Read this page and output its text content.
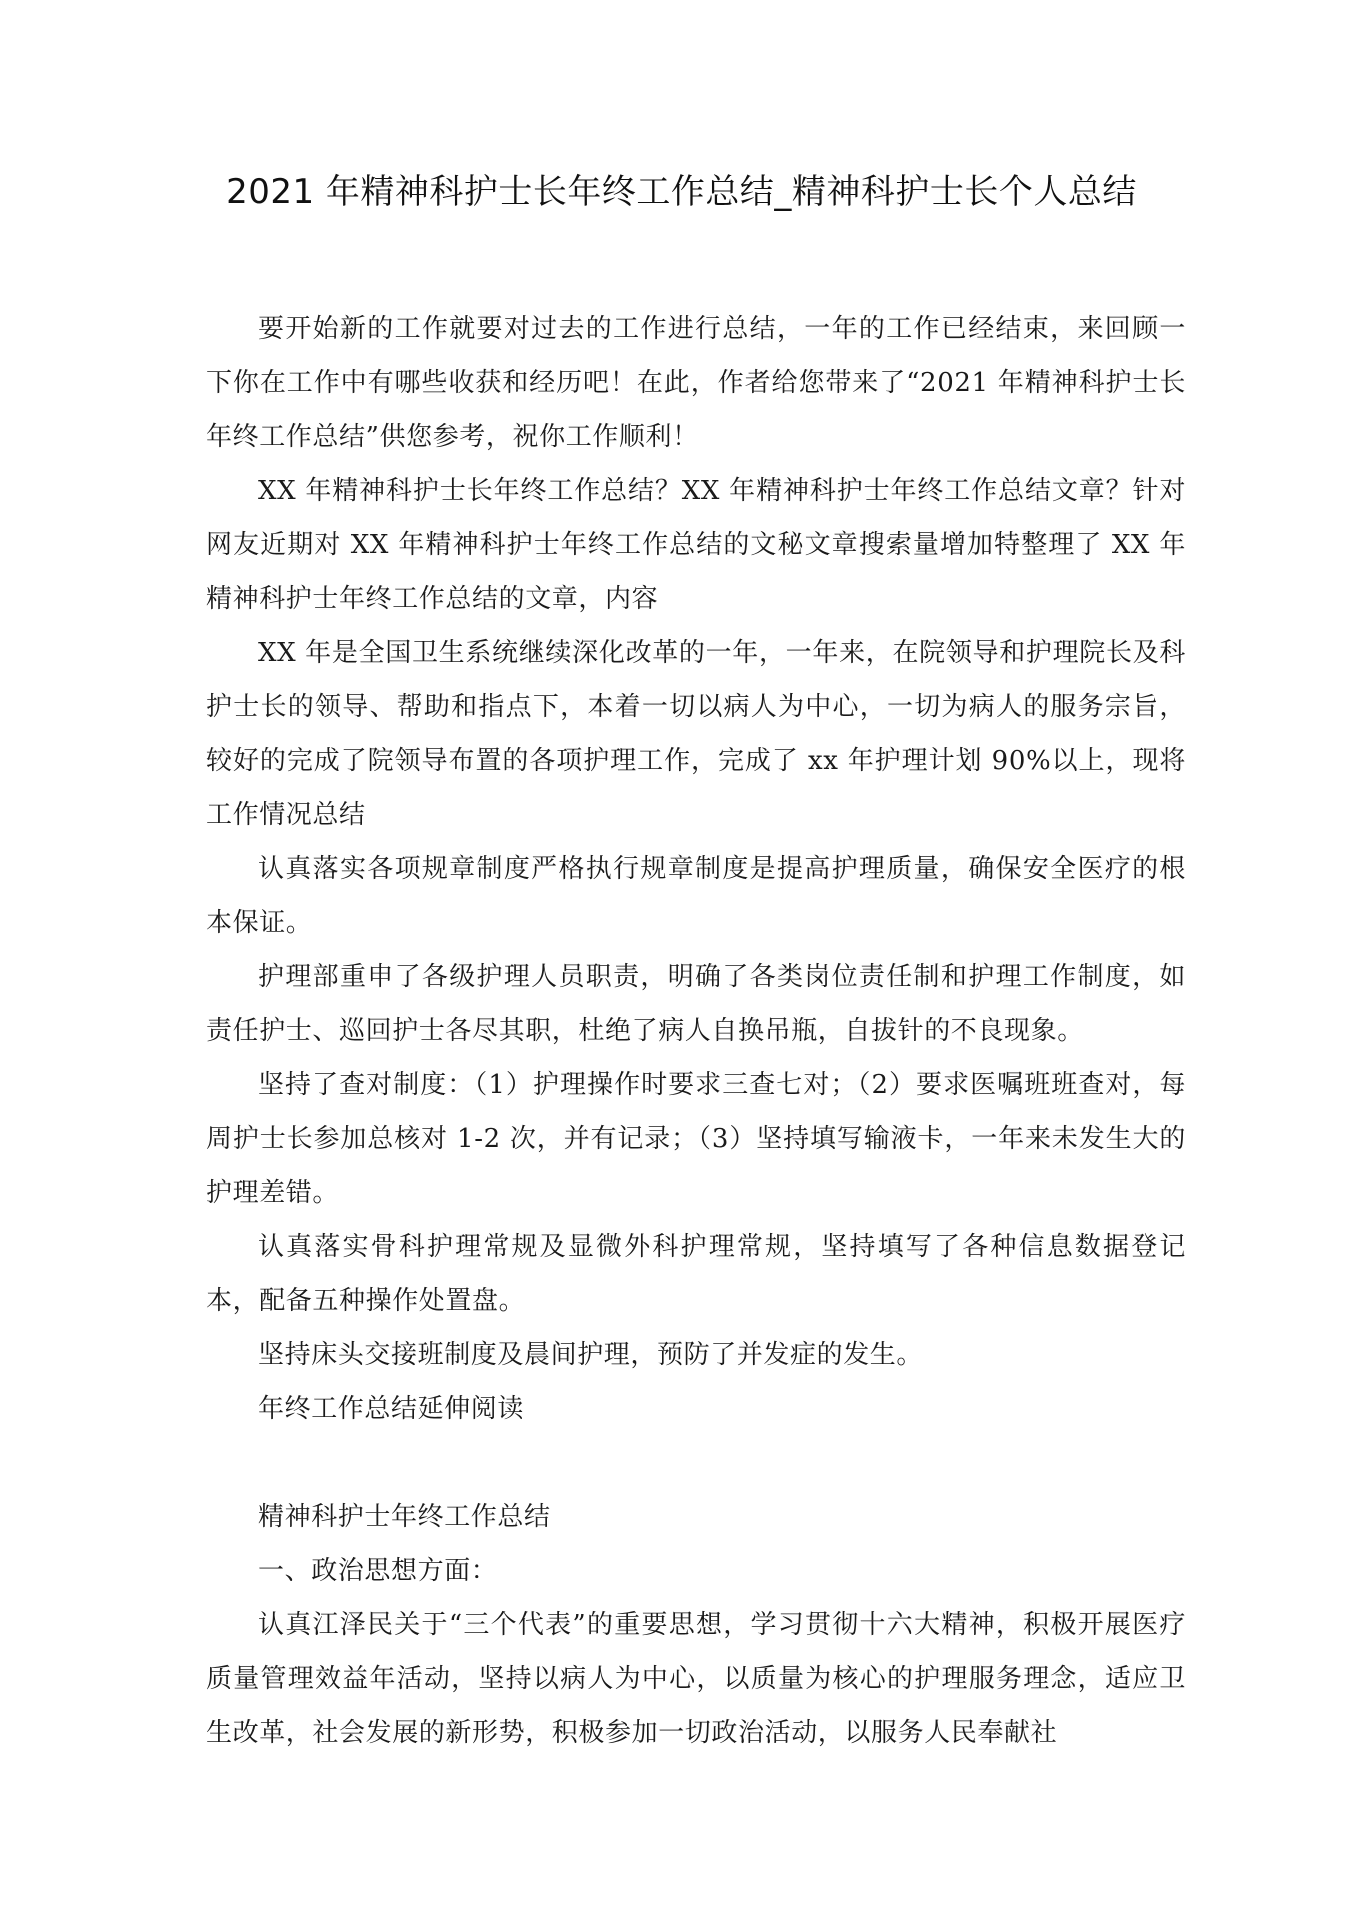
2021 年精神科护士长年终工作总结_精神科护士长个人总结

要开始新的工作就要对过去的工作进行总结，一年的工作已经结束，来回顾一下你在工作中有哪些收获和经历吧！在此，作者给您带来了“2021 年精神科护士长年终工作总结”供您参考，祝你工作顺利！

XX 年精神科护士长年终工作总结？XX 年精神科护士年终工作总结文章？针对网友近期对 XX 年精神科护士年终工作总结的文秘文章搜索量增加特整理了 XX 年精神科护士年终工作总结的文章，内容

XX 年是全国卫生系统继续深化改革的一年，一年来，在院领导和护理院长及科护士长的领导、帮助和指点下，本着一切以病人为中心，一切为病人的服务宗旨，较好的完成了院领导布置的各项护理工作，完成了 xx 年护理计划 90%以上，现将工作情况总结

认真落实各项规章制度严格执行规章制度是提高护理质量，确保安全医疗的根本保证。

护理部重申了各级护理人员职责，明确了各类岗位责任制和护理工作制度，如责任护士、巡回护士各尽其职，杜绝了病人自换吊瓶，自拔针的不良现象。

坚持了查对制度：（1）护理操作时要求三查七对；（2）要求医嘱班班查对，每周护士长参加总核对 1-2 次，并有记录；（3）坚持填写输液卡，一年来未发生大的护理差错。

认真落实骨科护理常规及显微外科护理常规，坚持填写了各种信息数据登记本，配备五种操作处置盘。

坚持床头交接班制度及晨间护理，预防了并发症的发生。

年终工作总结延伸阅读

精神科护士年终工作总结

一、政治思想方面：

认真江泽民关于“三个代表”的重要思想，学习贯彻十六大精神，积极开展医疗质量管理效益年活动，坚持以病人为中心，以质量为核心的护理服务理念，适应卫生改革，社会发展的新形势，积极参加一切政治活动，以服务人民奉献社
